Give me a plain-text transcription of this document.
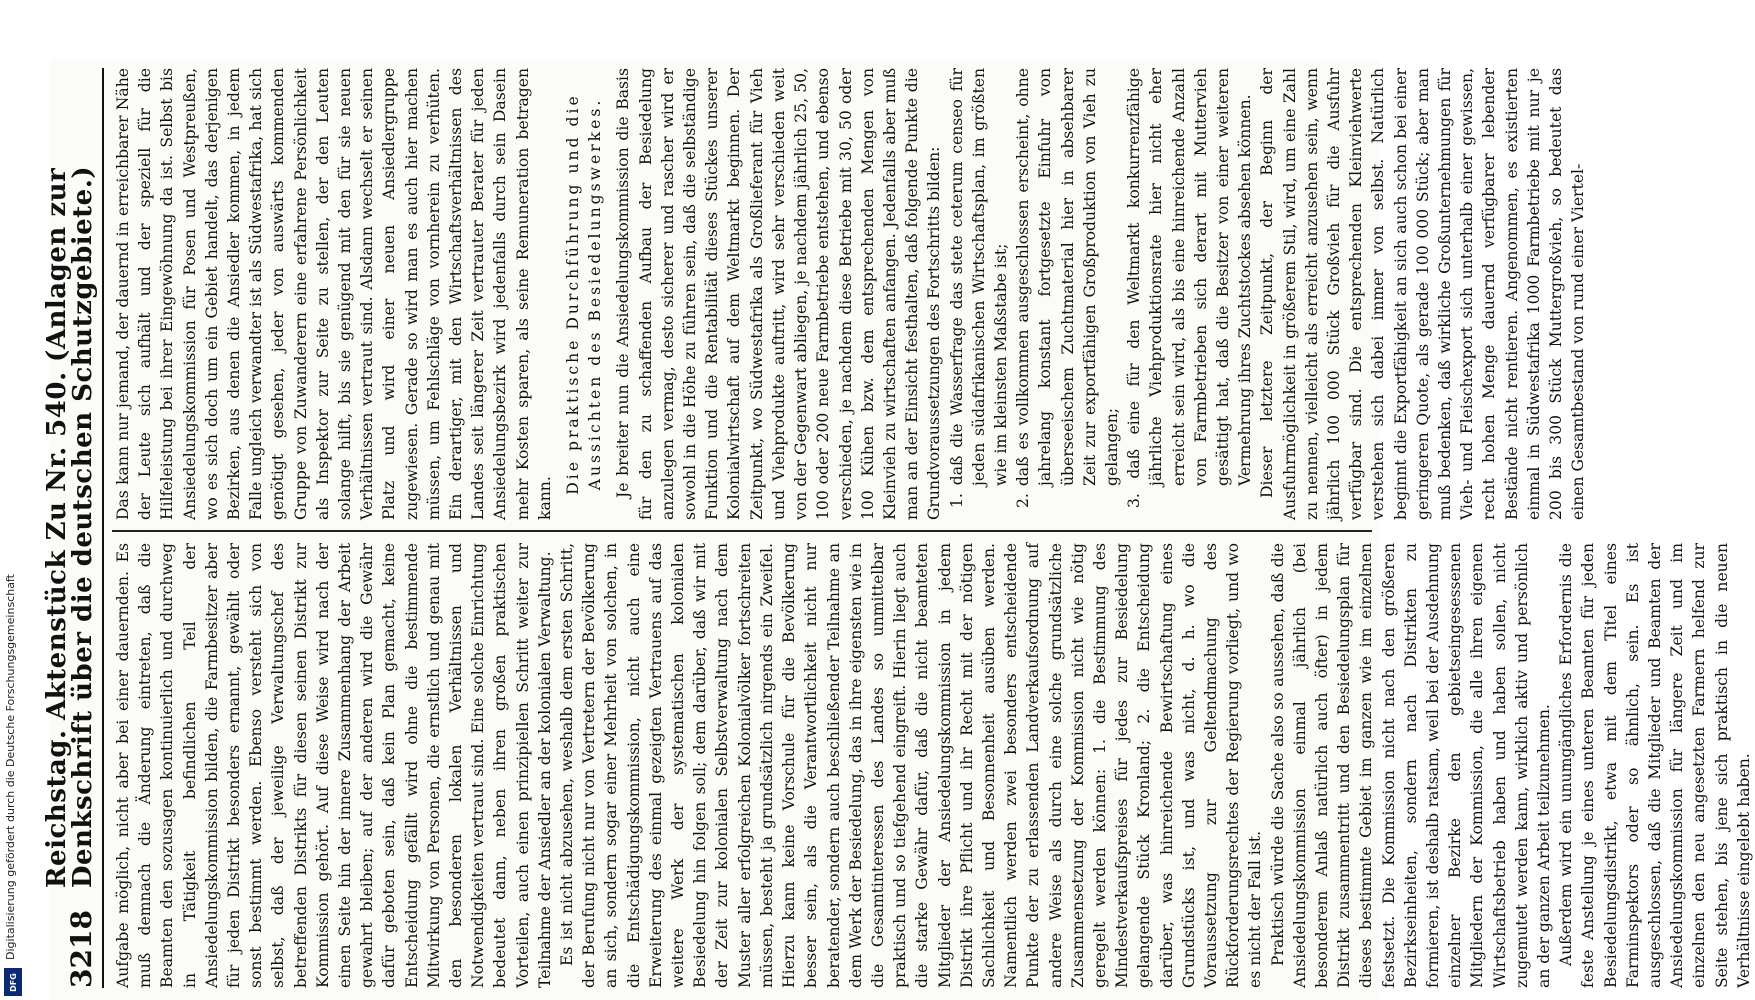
3218
Reichstag. Aktenstück Zu Nr. 540. (Anlagen zur Denkschrift über die deutschen Schutzgebiete.) Aufgabe möglich, nicht aber bei einer dauernden. Es muß demnach die Änderung eintreten, daß die Beamten den sozusagen kontinuierlich und durchweg in Tätigkeit befindlichen Teil der Ansiedelungskommission bilden, die Farmbesitzer aber für jeden Distrikt besonders ernannt, gewählt oder sonst bestimmt werden. Ebenso versteht sich von selbst, daß der jeweilige Verwaltungschef des betreffenden Distrikts für diesen seinen Distrikt zur Kommission gehört. Auf diese Weise wird nach der einen Seite hin der innere Zusammenhang der Arbeit gewahrt bleiben; auf der anderen wird die Gewähr dafür geboten sein, daß kein Plan gemacht, keine Entscheidung gefällt wird ohne die bestimmende Mitwirkung von Personen, die ernstlich und genau mit den besonderen lokalen Verhältnissen und Notwendigkeiten vertraut sind. Eine solche Einrichtung bedeutet dann, neben ihren großen praktischen Vorteilen, auch einen prinzipiellen Schritt weiter zur Teilnahme der Ansiedler an der kolonialen Verwaltung. Es ist nicht abzusehen, weshalb dem ersten Schritt, der Berufung nicht nur von Vertretern der Bevölkerung an sich, sondern sogar einer Mehrheit von solchen, in die Entschädigungskommission, nicht auch eine Erweiterung des einmal gezeigten Vertrauens auf das weitere Werk der systematischen kolonialen Besiedelung hin folgen soll; dem darüber, daß wir mit der Zeit zur kolonialen Selbstverwaltung nach dem Muster aller erfolgreichen Kolonialvölker fortschreiten müssen, besteht ja grundsätzlich nirgends ein Zweifel. Hierzu kann keine Vorschule für die Bevölkerung besser sein, als die Verantwortlichkeit nicht nur beratender, sondern auch beschließender Teilnahme an dem Werk der Besiedelung, das in ihre eigensten wie in die Gesamtinteressen des Landes so unmittelbar praktisch und so tiefgehend eingreift. Hierin liegt auch die starke Gewähr dafür, daß die nicht beamteten Mitglieder der Ansiedelungskommission in jedem Distrikt ihre Pflicht und ihr Recht mit der nötigen Sachlichkeit und Besonnenheit ausüben werden. Namentlich werden zwei besonders entscheidende Punkte der zu erlassenden Landverkaufsordnung auf andere Weise als durch eine solche grundsätzliche Zusammensetzung der Kommission nicht wie nötig geregelt werden können: 1. die Bestimmung des Mindestverkaufspreises für jedes zur Besiedelung gelangende Stück Kronland; 2. die Entscheidung darüber, was hinreichende Bewirtschaftung eines Grundstücks ist, und was nicht, d. h. wo die Voraussetzung zur Geltendmachung des Rückforderungsrechtes der Regierung vorliegt, und wo es nicht der Fall ist. Praktisch würde die Sache also so aussehen, daß die Ansiedelungskommission einmal jährlich (bei besonderem Anlaß natürlich auch öfter) in jedem Distrikt zusammentritt und den Besiedelungsplan für dieses bestimmte Gebiet im ganzen wie im einzelnen festsetzt. Die Kommission nicht nach den größeren Bezirkseinheiten, sondern nach Distrikten zu formieren, ist deshalb ratsam, weil bei der Ausdehnung einzelner Bezirke den gebietseingesessenen Mitgliedern der Kommission, die alle ihren eigenen Wirtschaftsbetrieb haben und haben sollen, nicht zugemutet werden kann, wirklich aktiv und persönlich an der ganzen Arbeit teilzunehmen. Außerdem wird ein unumgängliches Erfordernis die feste Anstellung je eines unteren Beamten für jeden Besiedelungsdistrikt, etwa mit dem Titel eines Farminspektors oder so ähnlich, sein. Es ist ausgeschlossen, daß die Mitglieder und Beamten der Ansiedelungskommission für längere Zeit und im einzelnen den neu angesetzten Farmern helfend zur Seite stehen, bis jene sich praktisch in die neuen Verhältnisse eingelebt haben.

Das kann nur jemand, der dauernd in erreichbarer Nähe der Leute sich aufhält und der speziell für die Hilfeleistung bei ihrer Eingewöhnung da ist. Selbst bis Ansiedelungskommission für Posen und Westpreußen, wo es sich doch um ein Gebiet handelt, das derjenigen Bezirken, aus denen die Ansiedler kommen, in jedem Falle ungleich verwandter ist als Südwestafrika, hat sich genötigt gesehen, jeder von auswärts kommenden Gruppe von Zuwanderern eine erfahrene Persönlichkeit als Inspektor zur Seite zu stellen, der den Leuten solange hilft, bis sie genügend mit den für sie neuen Verhältnissen vertraut sind. Alsdann wechselt er seinen Platz und wird einer neuen Ansiedlergruppe zugewiesen. Gerade so wird man es auch hier machen müssen, um Fehlschläge von vornherein zu verhüten. Ein derartiger, mit den Wirtschaftsverhältnissen des Landes seit längerer Zeit vertrauter Berater für jeden Ansiedelungsbezirk wird jedenfalls durch sein Dasein mehr Kosten sparen, als seine Remuneration betragen kann.

Die praktische Durchführung und die Aussichten des Besiedelungswerkes. Je breiter nun die Ansiedelungskommission die Basis für den zu schaffenden Aufbau der Besiedelung anzulegen vermag, desto sicherer und rascher wird er sowohl in die Höhe zu führen sein, daß die selbständige Funktion und die Rentabilität dieses Stückes unserer Kolonialwirtschaft auf dem Weltmarkt beginnen. Der Zeitpunkt, wo Südwestafrika als Großlieferant für Vieh und Viehprodukte auftritt, wird sehr verschieden weit von der Gegenwart abliegen, je nachdem jährlich 25, 50, 100 oder 200 neue Farmbetriebe entstehen, und ebenso verschieden, je nachdem diese Betriebe mit 30, 50 oder 100 Kühen bzw. dem entsprechenden Mengen von Kleinvieh zu wirtschaften anfangen. Jedenfalls aber muß man an der Einsicht festhalten, daß folgende Punkte die Grundvoraussetzungen des Fortschritts bilden: 1. daß die Wasserfrage das stete ceterum censeo für jeden südafrikanischen Wirtschaftsplan, im größten wie im kleinsten Maßstabe ist; 2. daß es vollkommen ausgeschlossen erscheint, ohne jahrelang konstant fortgesetzte Einfuhr von überseeischem Zuchtmaterial hier in absehbarer Zeit zur exportfähigen Großproduktion von Vieh zu gelangen; 3. daß eine für den Weltmarkt konkurrenzfähige jährliche Viehproduktionsrate hier nicht eher erreicht sein wird, als bis eine hinreichende Anzahl von Farmbetrieben sich derart mit Muttervieh gesättigt hat, daß die Besitzer von einer weiteren Vermehrung ihres Zuchtstockes absehen können. Dieser letztere Zeitpunkt, der Beginn der Ausfuhrmöglichkeit in größerem Stil, wird, um eine Zahl zu nennen, vielleicht als erreicht anzusehen sein, wenn jährlich 100 000 Stück Großvieh für die Ausfuhr verfügbar sind. Die entsprechenden Kleinviehwerte verstehen sich dabei immer von selbst. Natürlich beginnt die Exportfähigkeit an sich auch schon bei einer geringeren Quote, als gerade 100 000 Stück; aber man muß bedenken, daß wirkliche Großunternehmungen für Vieh- und Fleischexport sich unterhalb einer gewissen, recht hohen Menge dauernd verfügbarer lebender Bestände nicht rentieren. Angenommen, es existierten einmal in Südwestafrika 1000 Farmbetriebe mit nur je 200 bis 300 Stück Muttergroßvieh, so bedeutet das einen Gesamtbestand von rund einer Viertel-

Digitalisierung gefördert durch die Deutsche Forschungsgemeinschaft
DFG
